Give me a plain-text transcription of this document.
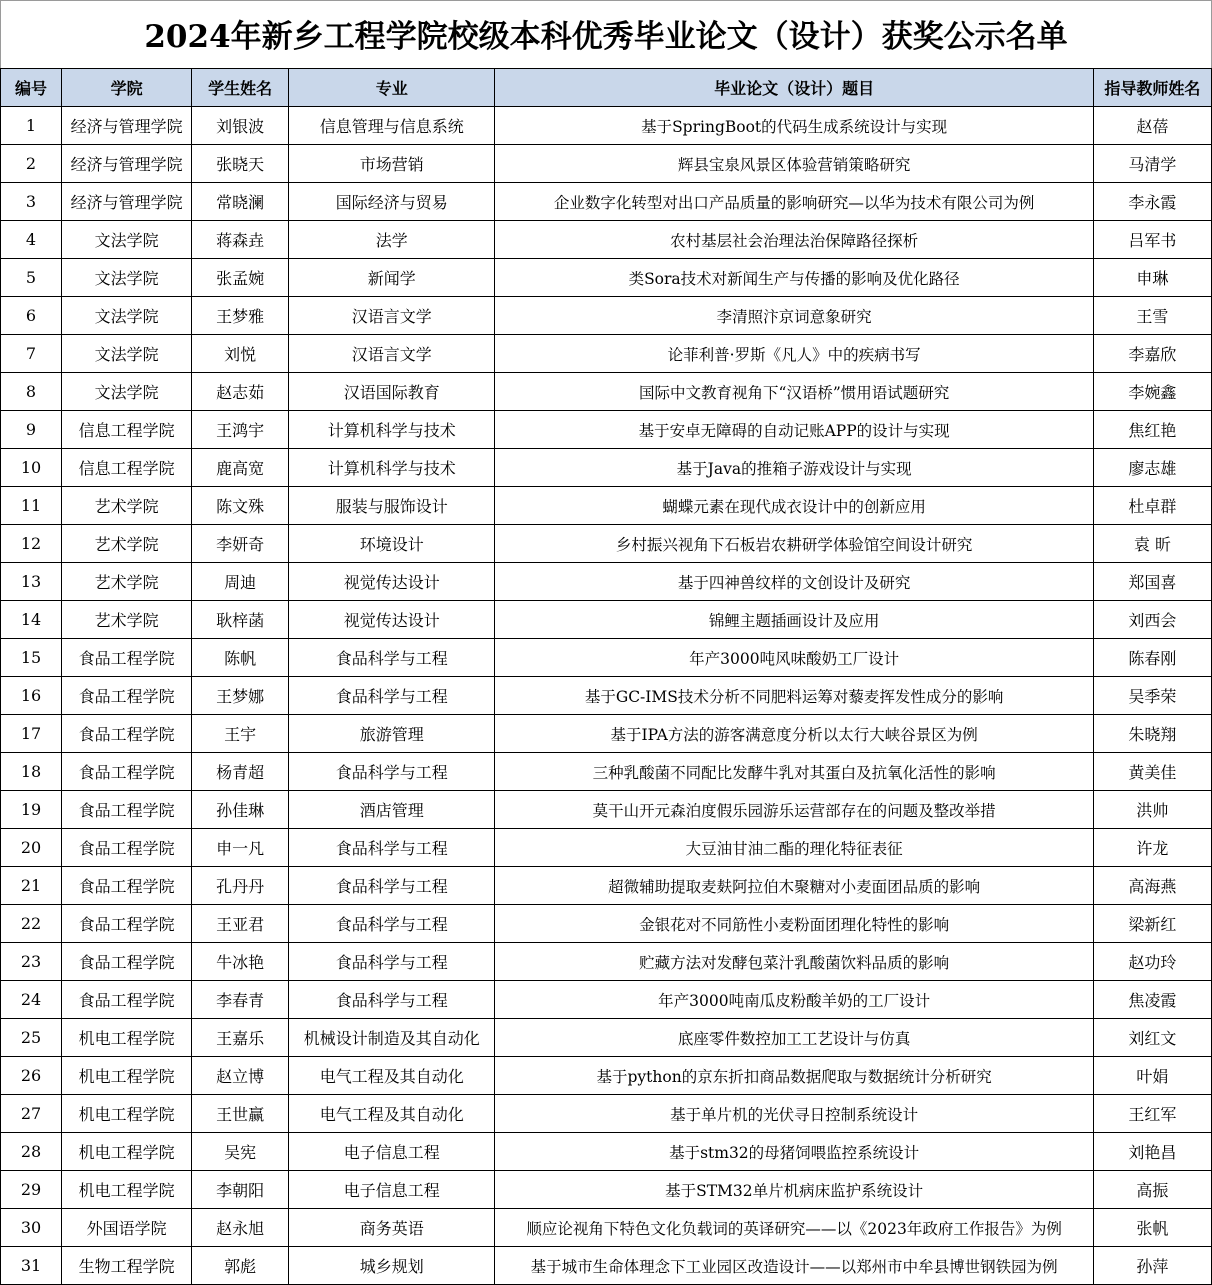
2024年新乡工程学院校级本科优秀毕业论文（设计）获奖公示名单
编号	学院	学生姓名	专业	毕业论文（设计）题目	指导教师姓名
1	经济与管理学院	刘银波	信息管理与信息系统	基于SpringBoot的代码生成系统设计与实现	赵蓓
2	经济与管理学院	张晓天	市场营销	辉县宝泉风景区体验营销策略研究	马清学
3	经济与管理学院	常晓澜	国际经济与贸易	企业数字化转型对出口产品质量的影响研究—以华为技术有限公司为例	李永霞
4	文法学院	蒋森垚	法学	农村基层社会治理法治保障路径探析	吕军书
5	文法学院	张孟婉	新闻学	类Sora技术对新闻生产与传播的影响及优化路径	申琳
6	文法学院	王梦雅	汉语言文学	李清照汴京词意象研究	王雪
7	文法学院	刘悦	汉语言文学	论菲利普·罗斯《凡人》中的疾病书写	李嘉欣
8	文法学院	赵志茹	汉语国际教育	国际中文教育视角下“汉语桥”惯用语试题研究	李婉鑫
9	信息工程学院	王鸿宇	计算机科学与技术	基于安卓无障碍的自动记账APP的设计与实现	焦红艳
10	信息工程学院	鹿高宽	计算机科学与技术	基于Java的推箱子游戏设计与实现	廖志雄
11	艺术学院	陈文殊	服装与服饰设计	蝴蝶元素在现代成衣设计中的创新应用	杜卓群
12	艺术学院	李妍奇	环境设计	乡村振兴视角下石板岩农耕研学体验馆空间设计研究	袁 昕
13	艺术学院	周迪	视觉传达设计	基于四神兽纹样的文创设计及研究	郑国喜
14	艺术学院	耿梓菡	视觉传达设计	锦鲤主题插画设计及应用	刘西会
15	食品工程学院	陈帆	食品科学与工程	年产3000吨风味酸奶工厂设计	陈春刚
16	食品工程学院	王梦娜	食品科学与工程	基于GC-IMS技术分析不同肥料运筹对藜麦挥发性成分的影响	吴季荣
17	食品工程学院	王宇	旅游管理	基于IPA方法的游客满意度分析以太行大峡谷景区为例	朱晓翔
18	食品工程学院	杨青超	食品科学与工程	三种乳酸菌不同配比发酵牛乳对其蛋白及抗氧化活性的影响	黄美佳
19	食品工程学院	孙佳琳	酒店管理	莫干山开元森泊度假乐园游乐运营部存在的问题及整改举措	洪帅
20	食品工程学院	申一凡	食品科学与工程	大豆油甘油二酯的理化特征表征	许龙
21	食品工程学院	孔丹丹	食品科学与工程	超微辅助提取麦麸阿拉伯木聚糖对小麦面团品质的影响	高海燕
22	食品工程学院	王亚君	食品科学与工程	金银花对不同筋性小麦粉面团理化特性的影响	梁新红
23	食品工程学院	牛冰艳	食品科学与工程	贮藏方法对发酵包菜汁乳酸菌饮料品质的影响	赵功玲
24	食品工程学院	李春青	食品科学与工程	年产3000吨南瓜皮粉酸羊奶的工厂设计	焦凌霞
25	机电工程学院	王嘉乐	机械设计制造及其自动化	底座零件数控加工工艺设计与仿真	刘红文
26	机电工程学院	赵立博	电气工程及其自动化	基于python的京东折扣商品数据爬取与数据统计分析研究	叶娟
27	机电工程学院	王世赢	电气工程及其自动化	基于单片机的光伏寻日控制系统设计	王红军
28	机电工程学院	吴宪	电子信息工程	基于stm32的母猪饲喂监控系统设计	刘艳昌
29	机电工程学院	李朝阳	电子信息工程	基于STM32单片机病床监护系统设计	高振
30	外国语学院	赵永旭	商务英语	顺应论视角下特色文化负载词的英译研究——以《2023年政府工作报告》为例	张帆
31	生物工程学院	郭彪	城乡规划	基于城市生命体理念下工业园区改造设计——以郑州市中牟县博世钢铁园为例	孙萍
